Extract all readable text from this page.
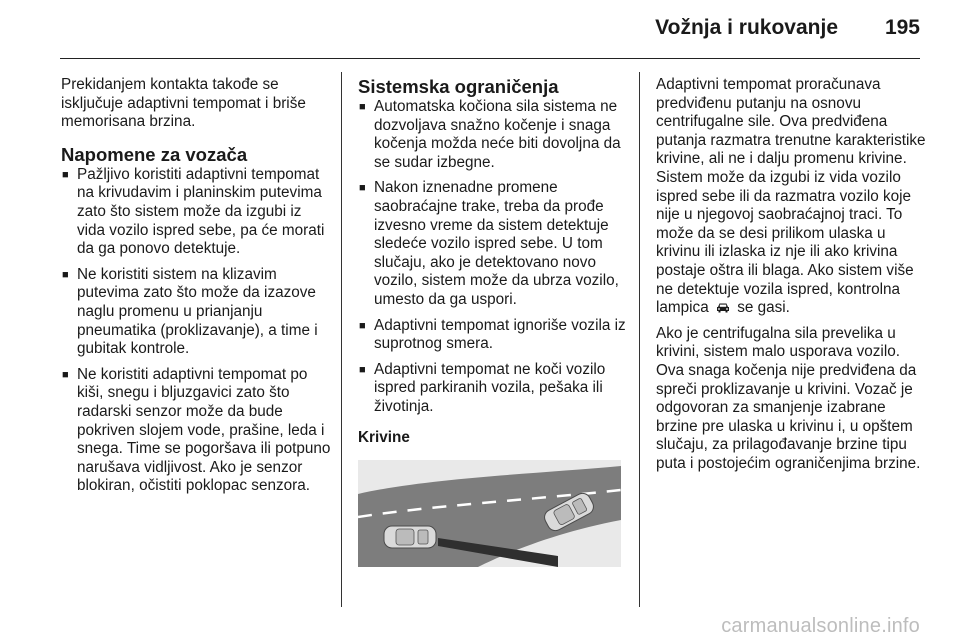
Vožnja i rukovanje 195

Prekidanjem kontakta takođe se isključuje adaptivni tempomat i briše memorisana brzina.

Napomene za vozača
■ Pažljivo koristiti adaptivni tempomat na krivudavim i planinskim putevima zato što sistem može da izgubi iz vida vozilo ispred sebe, pa će morati da ga ponovo detektuje.
■ Ne koristiti sistem na klizavim putevima zato što može da izazove naglu promenu u prianjanju pneumatika (proklizavanje), a time i gubitak kontrole.
■ Ne koristiti adaptivni tempomat po kiši, snegu i bljuzgavici zato što radarski senzor može da bude pokriven slojem vode, prašine, leda i snega. Time se pogoršava ili potpuno narušava vidljivost. Ako je senzor blokiran, očistiti poklopac senzora.
Sistemska ograničenja
■ Automatska kočiona sila sistema ne dozvoljava snažno kočenje i snaga kočenja možda neće biti dovoljna da se sudar izbegne.
■ Nakon iznenadne promene saobraćajne trake, treba da prođe izvesno vreme da sistem detektuje sledeće vozilo ispred sebe. U tom slučaju, ako je detektovano novo vozilo, sistem može da ubrza vozilo, umesto da ga uspori.
■ Adaptivni tempomat ignoriše vozila iz suprotnog smera.
■ Adaptivni tempomat ne koči vozilo ispred parkiranih vozila, pešaka ili životinja.
Krivine

Adaptivni tempomat proračunava predviđenu putanju na osnovu centrifugalne sile. Ova predviđena putanja razmatra trenutne karakteristike krivine, ali ne i dalju promenu krivine. Sistem može da izgubi iz vida vozilo ispred sebe ili da razmatra vozilo koje nije u njegovoj saobraćajnoj traci. To može da se desi prilikom ulaska u krivinu ili izlaska iz nje ili ako krivina postaje oštra ili blaga. Ako sistem više ne detektuje vozila ispred, kontrolna lampica se gasi.

Ako je centrifugalna sila prevelika u krivini, sistem malo usporava vozilo. Ova snaga kočenja nije predviđena da spreči proklizavanje u krivini. Vozač je odgovoran za smanjenje izabrane brzine pre ulaska u krivinu i, u opštem slučaju, za prilagođavanje brzine tipu puta i postojećim ograničenjima brzine.

carmanualsonline.info
